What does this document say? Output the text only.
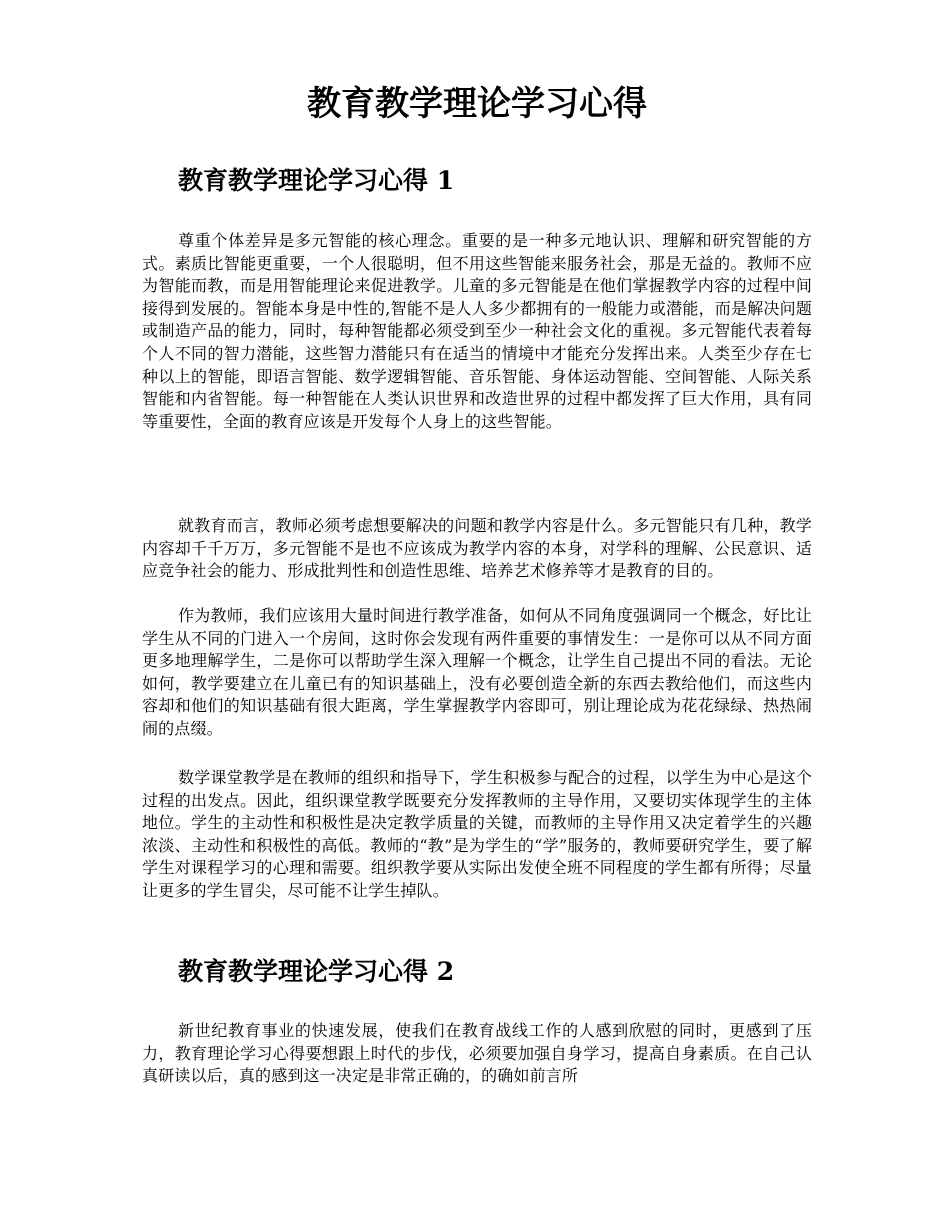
教育教学理论学习心得
教育教学理论学习心得 1

尊重个体差异是多元智能的核心理念。重要的是一种多元地认识、理解和研究智能的方式。素质比智能更重要，一个人很聪明，但不用这些智能来服务社会，那是无益的。教师不应为智能而教，而是用智能理论来促进教学。儿童的多元智能是在他们掌握教学内容的过程中间接得到发展的。智能本身是中性的,智能不是人人多少都拥有的一般能力或潜能，而是解决问题或制造产品的能力，同时，每种智能都必须受到至少一种社会文化的重视。多元智能代表着每个人不同的智力潜能，这些智力潜能只有在适当的情境中才能充分发挥出来。人类至少存在七种以上的智能，即语言智能、数学逻辑智能、音乐智能、身体运动智能、空间智能、人际关系智能和内省智能。每一种智能在人类认识世界和改造世界的过程中都发挥了巨大作用，具有同等重要性，全面的教育应该是开发每个人身上的这些智能。

就教育而言，教师必须考虑想要解决的问题和教学内容是什么。多元智能只有几种，教学内容却千千万万，多元智能不是也不应该成为教学内容的本身，对学科的理解、公民意识、适应竞争社会的能力、形成批判性和创造性思维、培养艺术修养等才是教育的目的。

作为教师，我们应该用大量时间进行教学准备，如何从不同角度强调同一个概念，好比让学生从不同的门进入一个房间，这时你会发现有两件重要的事情发生：一是你可以从不同方面更多地理解学生，二是你可以帮助学生深入理解一个概念，让学生自己提出不同的看法。无论如何，教学要建立在儿童已有的知识基础上，没有必要创造全新的东西去教给他们，而这些内容却和他们的知识基础有很大距离，学生掌握教学内容即可，别让理论成为花花绿绿、热热闹闹的点缀。

数学课堂教学是在教师的组织和指导下，学生积极参与配合的过程，以学生为中心是这个过程的出发点。因此，组织课堂教学既要充分发挥教师的主导作用，又要切实体现学生的主体地位。学生的主动性和积极性是决定教学质量的关键，而教师的主导作用又决定着学生的兴趣浓淡、主动性和积极性的高低。教师的“教”是为学生的“学”服务的，教师要研究学生，要了解学生对课程学习的心理和需要。组织教学要从实际出发使全班不同程度的学生都有所得；尽量让更多的学生冒尖，尽可能不让学生掉队。

教育教学理论学习心得 2

新世纪教育事业的快速发展，使我们在教育战线工作的人感到欣慰的同时，更感到了压力，教育理论学习心得要想跟上时代的步伐，必须要加强自身学习，提高自身素质。在自己认真研读以后，真的感到这一决定是非常正确的，的确如前言所
